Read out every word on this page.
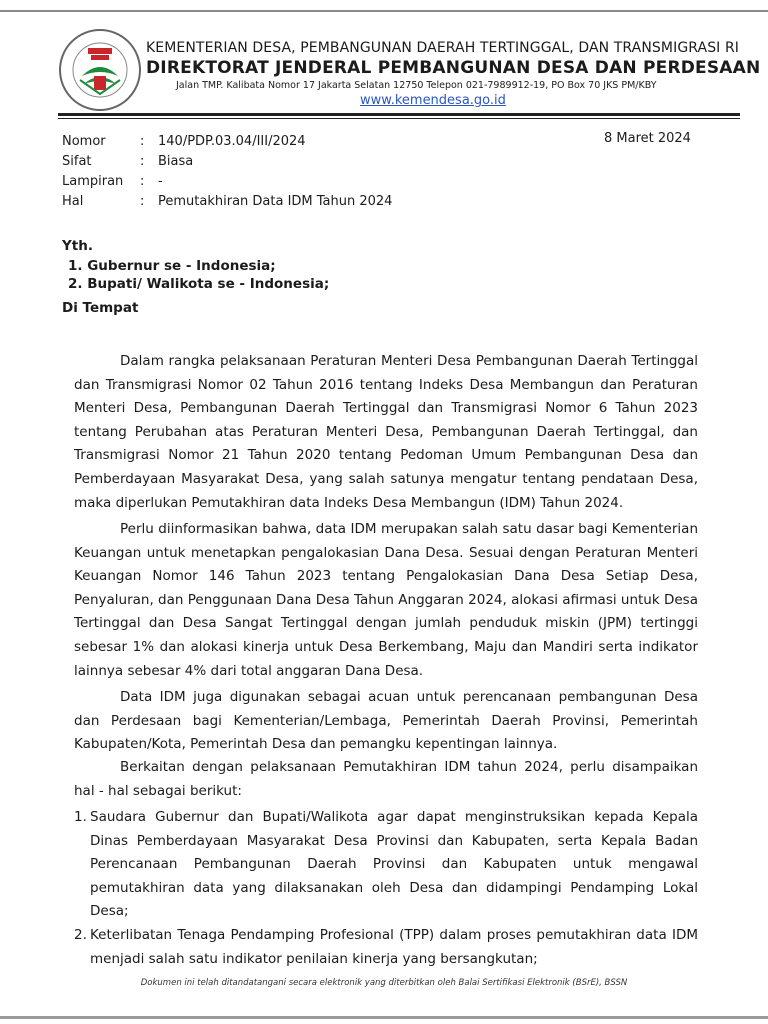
KEMENTERIAN DESA, PEMBANGUNAN DAERAH TERTINGGAL, DAN TRANSMIGRASI RI
DIREKTORAT JENDERAL PEMBANGUNAN DESA DAN PERDESAAN
Jalan TMP. Kalibata Nomor 17 Jakarta Selatan 12750 Telepon 021-7989912-19, PO Box 70 JKS PM/KBY
www.kemendesa.go.id
Nomor	:	140/PDP.03.04/III/2024
Sifat	:	Biasa
Lampiran	:	-
Hal	:	Pemutakhiran Data IDM Tahun 2024
8 Maret 2024
Yth.
1. Gubernur se - Indonesia;
2. Bupati/ Walikota se - Indonesia;
Di Tempat

Dalam rangka pelaksanaan Peraturan Menteri Desa Pembangunan Daerah Tertinggal dan Transmigrasi Nomor 02 Tahun 2016 tentang Indeks Desa Membangun dan Peraturan Menteri Desa, Pembangunan Daerah Tertinggal dan Transmigrasi Nomor 6 Tahun 2023 tentang Perubahan atas Peraturan Menteri Desa, Pembangunan Daerah Tertinggal, dan Transmigrasi Nomor 21 Tahun 2020 tentang Pedoman Umum Pembangunan Desa dan Pemberdayaan Masyarakat Desa, yang salah satunya mengatur tentang pendataan Desa, maka diperlukan Pemutakhiran data Indeks Desa Membangun (IDM) Tahun 2024.

Perlu diinformasikan bahwa, data IDM merupakan salah satu dasar bagi Kementerian Keuangan untuk menetapkan pengalokasian Dana Desa. Sesuai dengan Peraturan Menteri Keuangan Nomor 146 Tahun 2023 tentang Pengalokasian Dana Desa Setiap Desa, Penyaluran, dan Penggunaan Dana Desa Tahun Anggaran 2024, alokasi afirmasi untuk Desa Tertinggal dan Desa Sangat Tertinggal dengan jumlah penduduk miskin (JPM) tertinggi sebesar 1% dan alokasi kinerja untuk Desa Berkembang, Maju dan Mandiri serta indikator lainnya sebesar 4% dari total anggaran Dana Desa.

Data IDM juga digunakan sebagai acuan untuk perencanaan pembangunan Desa dan Perdesaan bagi Kementerian/Lembaga, Pemerintah Daerah Provinsi, Pemerintah Kabupaten/Kota, Pemerintah Desa dan pemangku kepentingan lainnya.

Berkaitan dengan pelaksanaan Pemutakhiran IDM tahun 2024, perlu disampaikan hal - hal sebagai berikut:

1. Saudara Gubernur dan Bupati/Walikota agar dapat menginstruksikan kepada Kepala Dinas Pemberdayaan Masyarakat Desa Provinsi dan Kabupaten, serta Kepala Badan Perencanaan Pembangunan Daerah Provinsi dan Kabupaten untuk mengawal pemutakhiran data yang dilaksanakan oleh Desa dan didampingi Pendamping Lokal Desa;
2. Keterlibatan Tenaga Pendamping Profesional (TPP) dalam proses pemutakhiran data IDM menjadi salah satu indikator penilaian kinerja yang bersangkutan;
Dokumen ini telah ditandatangani secara elektronik yang diterbitkan oleh Balai Sertifikasi Elektronik (BSrE), BSSN
